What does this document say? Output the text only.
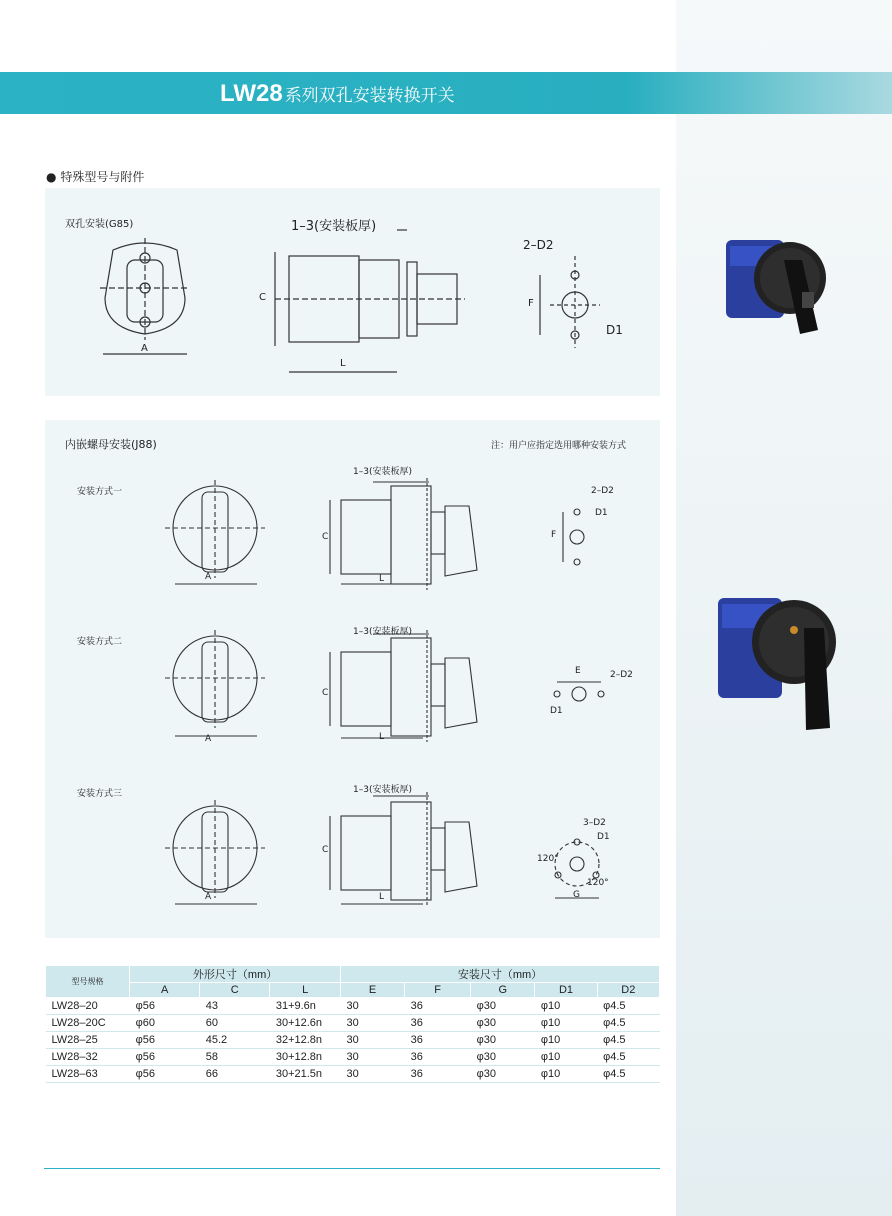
LW28 系列双孔安装转换开关
● 特殊型号与附件
双孔安装(G85)
A
1–3(安装板厚)
C
L
2–D2
F
D1
内嵌螺母安装(J88)	注：用户应指定选用哪种安装方式
安装方式一
安装方式二
安装方式三
A
1–3(安装板厚)
C
L
2–D2
D1
F
A
1–3(安装板厚)
C
L
E	2–D2
D1
A
1–3(安装板厚)
C
L
3–D2
D1
120°
120°
G
型号规格	外形尺寸（mm）			安装尺寸（mm）				
	A	C	L	E	F	G	D1	D2
LW28–20	φ56	43	31+9.6n	30	36	φ30	φ10	φ4.5
LW28–20C	φ60	60	30+12.6n	30	36	φ30	φ10	φ4.5
LW28–25	φ56	45.2	32+12.8n	30	36	φ30	φ10	φ4.5
LW28–32	φ56	58	30+12.8n	30	36	φ30	φ10	φ4.5
LW28–63	φ56	66	30+21.5n	30	36	φ30	φ10	φ4.5
